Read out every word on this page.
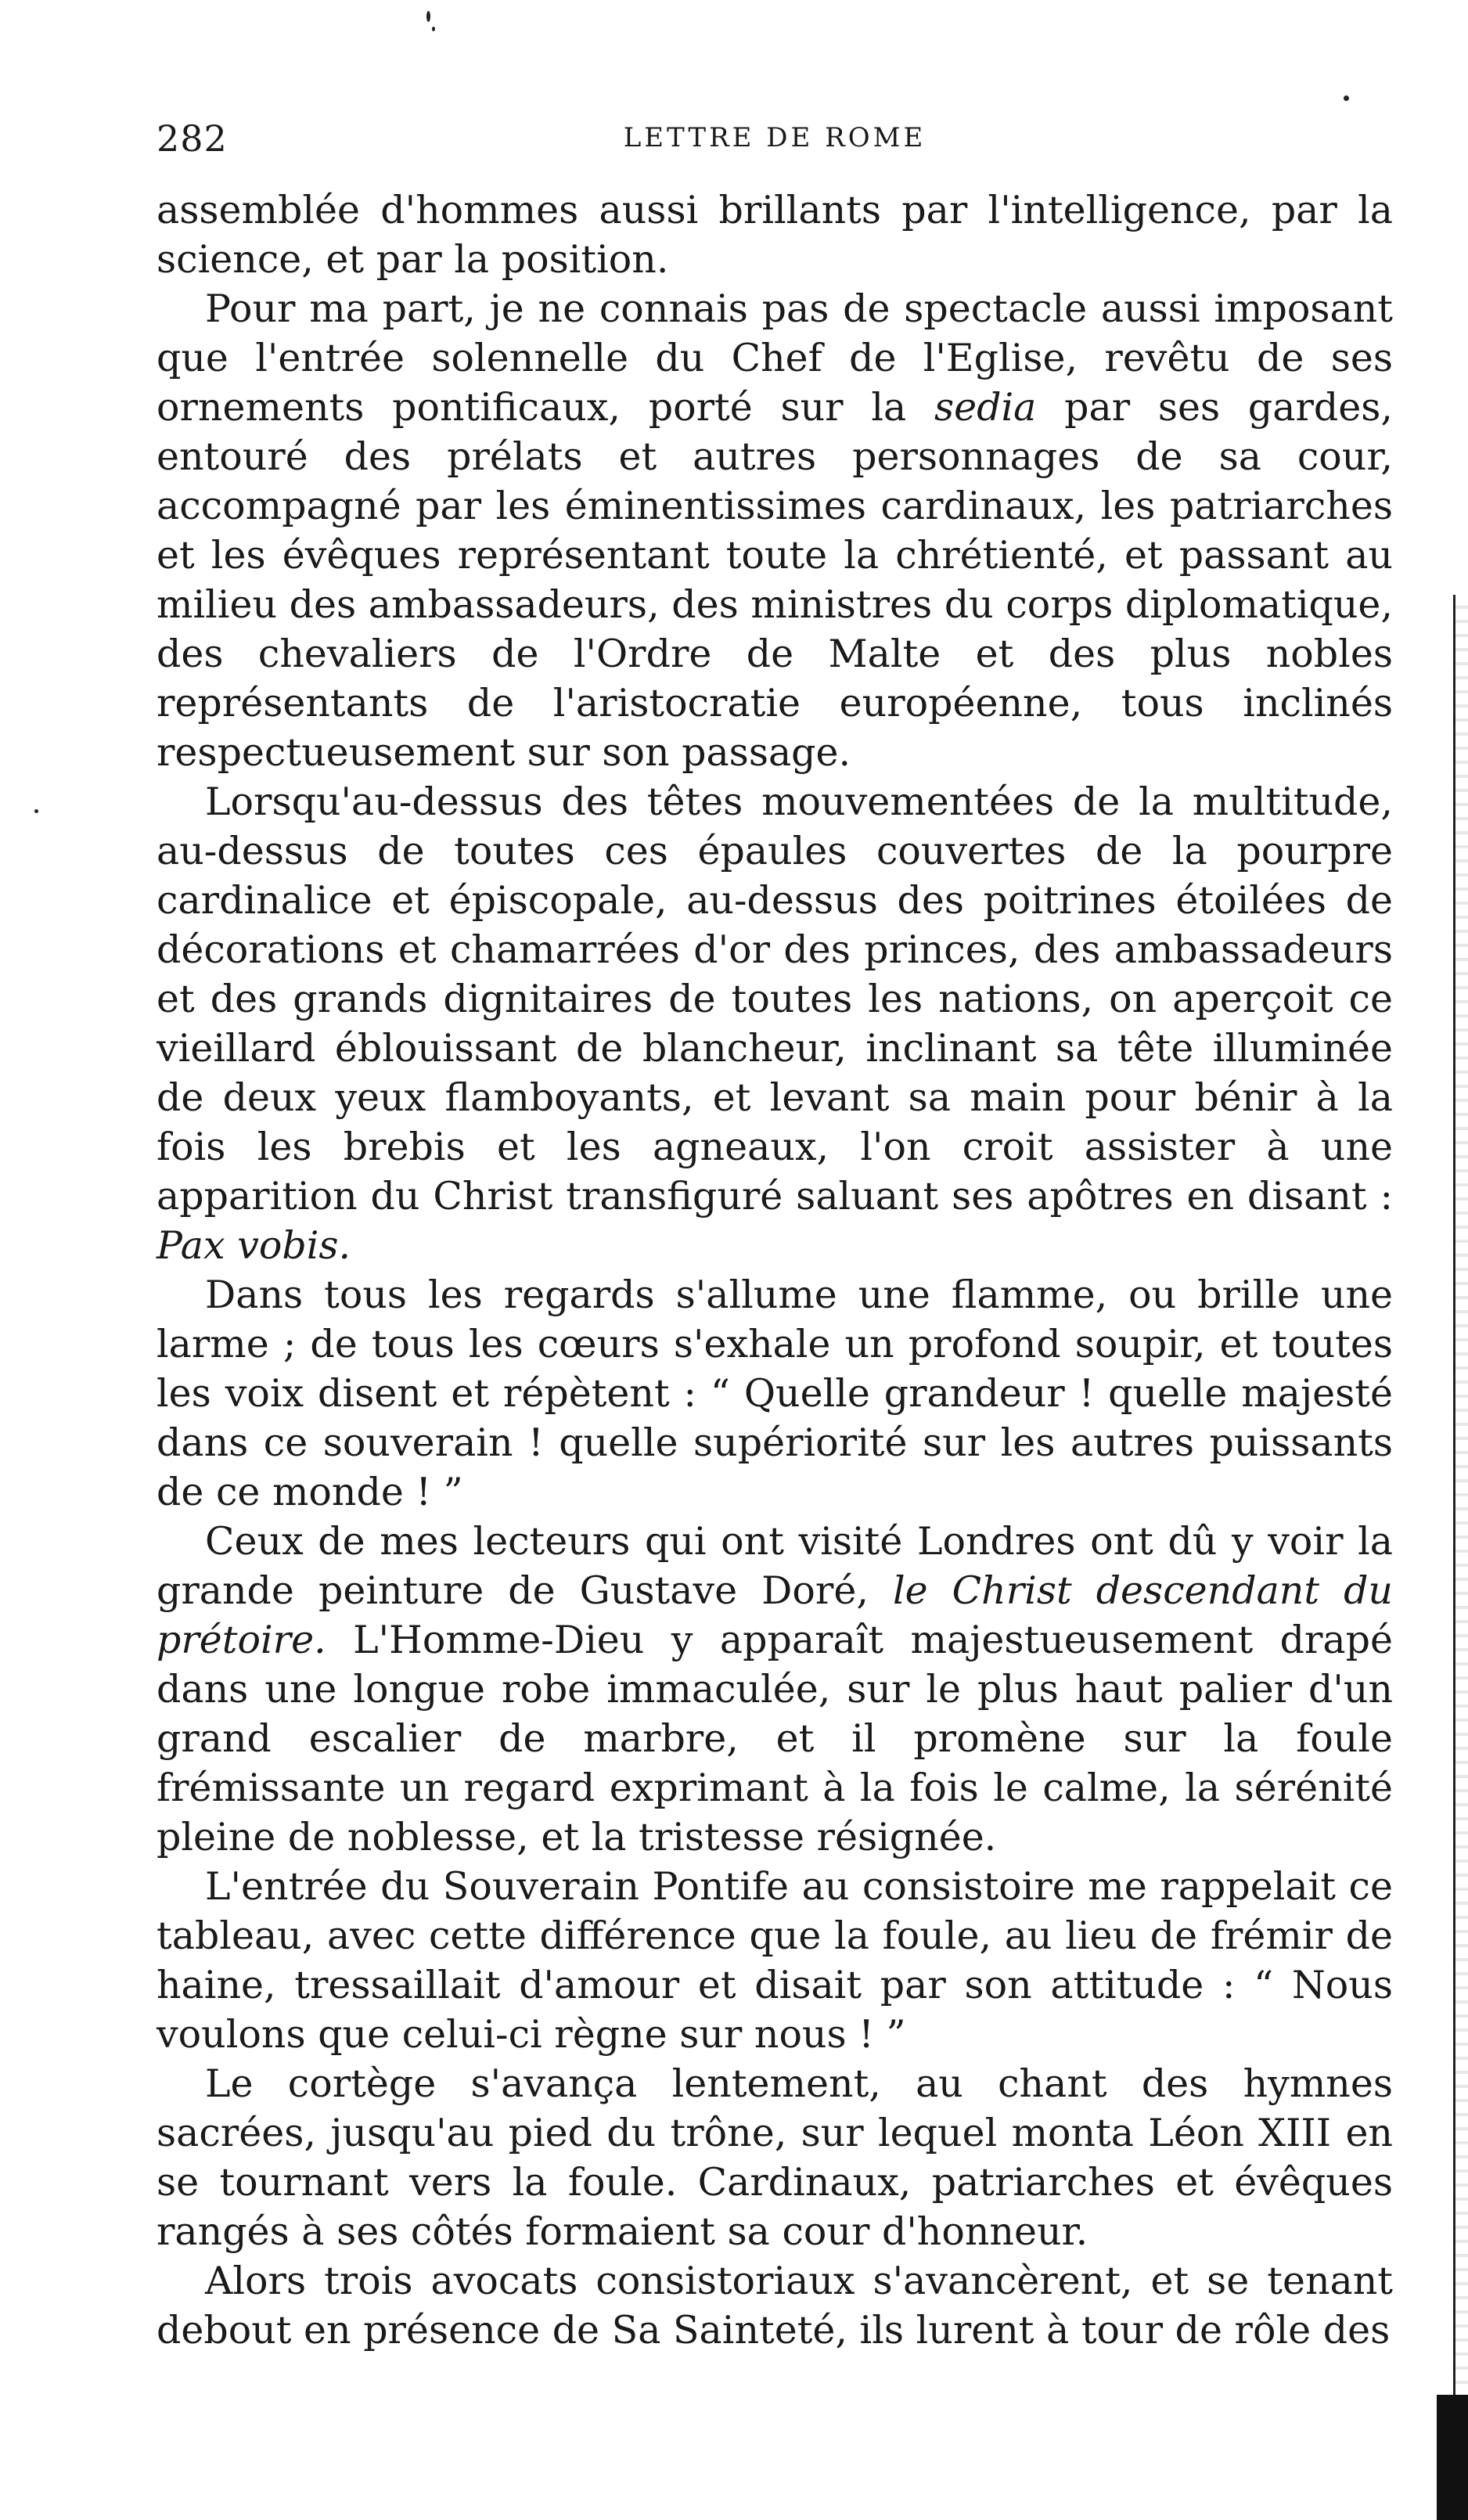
282	LETTRE DE ROME

assemblée d'hommes aussi brillants par l'intelligence, par la science, et par la position.

Pour ma part, je ne connais pas de spectacle aussi imposant que l'entrée solennelle du Chef de l'Eglise, revêtu de ses ornements pontificaux, porté sur la sedia par ses gardes, entouré des prélats et autres personnages de sa cour, accompagné par les éminentissimes cardinaux, les patriarches et les évêques représentant toute la chrétienté, et passant au milieu des ambassadeurs, des ministres du corps diplomatique, des chevaliers de l'Ordre de Malte et des plus nobles représentants de l'aristocratie européenne, tous inclinés respectueusement sur son passage.

Lorsqu'au-dessus des têtes mouvementées de la multitude, au-dessus de toutes ces épaules couvertes de la pourpre cardinalice et épiscopale, au-dessus des poitrines étoilées de décorations et chamarrées d'or des princes, des ambassadeurs et des grands dignitaires de toutes les nations, on aperçoit ce vieillard éblouissant de blancheur, inclinant sa tête illuminée de deux yeux flamboyants, et levant sa main pour bénir à la fois les brebis et les agneaux, l'on croit assister à une apparition du Christ transfiguré saluant ses apôtres en disant : Pax vobis.

Dans tous les regards s'allume une flamme, ou brille une larme ; de tous les cœurs s'exhale un profond soupir, et toutes les voix disent et répètent : “ Quelle grandeur ! quelle majesté dans ce souverain ! quelle supériorité sur les autres puissants de ce monde ! ”

Ceux de mes lecteurs qui ont visité Londres ont dû y voir la grande peinture de Gustave Doré, le Christ descendant du prétoire. L'Homme-Dieu y apparaît majestueusement drapé dans une longue robe immaculée, sur le plus haut palier d'un grand escalier de marbre, et il promène sur la foule frémissante un regard exprimant à la fois le calme, la sérénité pleine de noblesse, et la tristesse résignée.

L'entrée du Souverain Pontife au consistoire me rappelait ce tableau, avec cette différence que la foule, au lieu de frémir de haine, tressaillait d'amour et disait par son attitude : “ Nous voulons que celui-ci règne sur nous ! ”

Le cortège s'avança lentement, au chant des hymnes sacrées, jusqu'au pied du trône, sur lequel monta Léon XIII en se tournant vers la foule. Cardinaux, patriarches et évêques rangés à ses côtés formaient sa cour d'honneur.

Alors trois avocats consistoriaux s'avancèrent, et se tenant debout en présence de Sa Sainteté, ils lurent à tour de rôle des
